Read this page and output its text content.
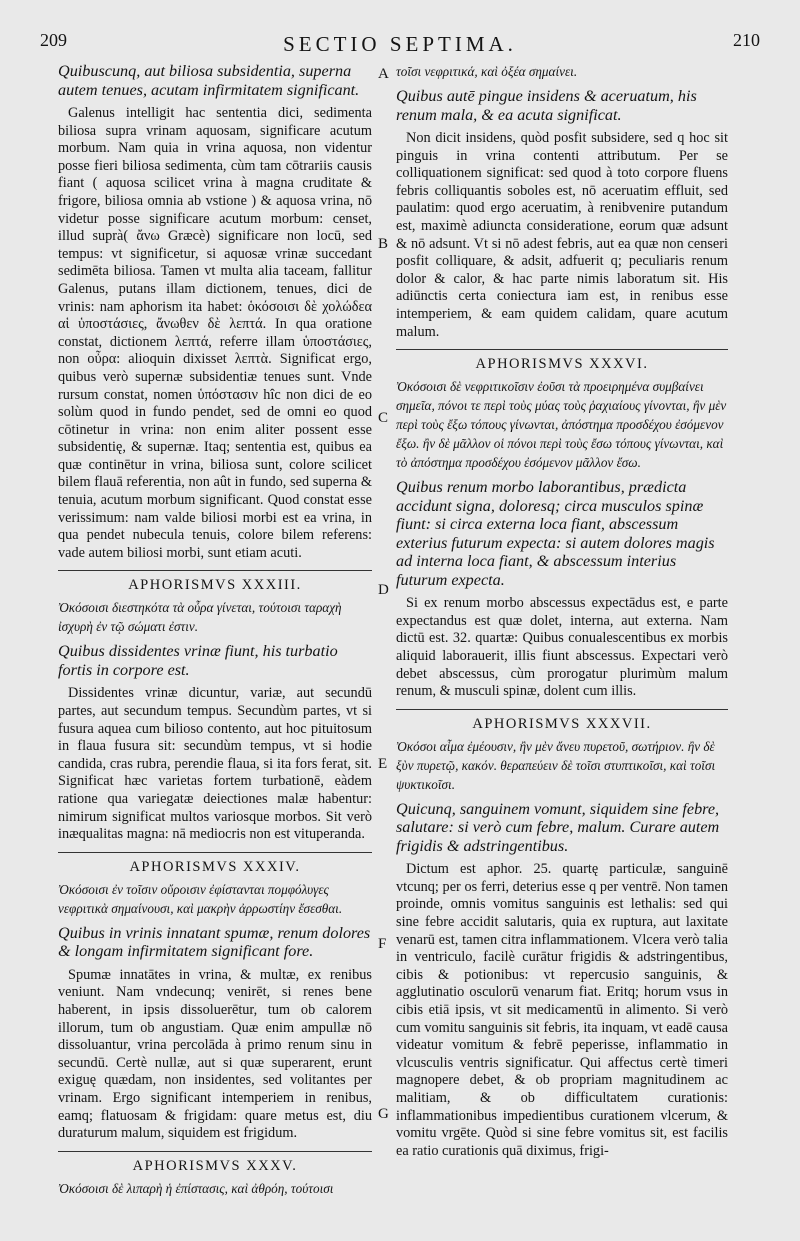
209	SECTIO SEPTIMA.	210
Quibuscunq, aut biliosa subsidentia, superna autem tenues, acutam infirmitatem significant.
Galenus intelligit hac sententia dici, sedimenta biliosa supra vrinam aquosam, significare acutum morbum. Nam quia in vrina aquosa, non videntur posse fieri biliosa sedimenta, cùm tam cōtrariis causis fiant ( aquosa scilicet vrina à magna cruditate & frigore, biliosa omnia ab vstione ) & aquosa vrina, nō videtur posse significare acutum morbum: censet, illud suprà( ἄνω Græcè) significare non locū, sed tempus: vt significetur, si aquosæ vrinæ succedant sedimēta biliosa. Tamen vt multa alia taceam, fallitur Galenus, putans illam dictionem, tenues, dici de vrinis: nam aphorism ita habet: ὁκόσοισι δὲ χολώδεα αἱ ὑποστάσιες, ἄνωθεν δὲ λεπτά. In qua oratione constat, dictionem λεπτά, referre illam ὑποστάσιες, non οὖρα: alioquin dixisset λεπτὰ. Significat ergo, quibus verò supernæ subsidentiæ tenues sunt. Vnde rursum constat, nomen ὑπόστασιν hîc non dici de eo solùm quod in fundo pendet, sed de omni eo quod cōtinetur in vrina: non enim aliter possent esse subsidentię, & supernæ. Itaq; sententia est, quibus ea quæ continētur in vrina, biliosa sunt, colore scilicet bilem flauā referentia, non aût in fundo, sed superna & tenuia, acutum morbum significant. Quod constat esse verissimum: nam valde biliosi morbi est ea vrina, in qua pendet nubecula tenuis, colore bilem referens: vade autem biliosi morbi, sunt etiam acuti.
APHORISMVS XXXIII.
Ὀκόσοισι διεστηκότα τὰ οὖρα γίνεται, τούτοισι ταραχὴ ἰσχυρὴ ἐν τῷ σώματι ἐστιν.
Quibus dissidentes vrinæ fiunt, his turbatio fortis in corpore est.
Dissidentes vrinæ dicuntur, variæ, aut secundū partes, aut secundum tempus. Secundùm partes, vt si fusura aquea cum bilioso contento, aut hoc pituitosum in flaua fusura sit: secundùm tempus, vt si hodie candida, cras rubra, perendie flaua, si ita fors ferat, sit. Significat hæc varietas fortem turbationē, eàdem ratione qua variegatæ deiectiones malæ habentur: nimirum significat multos variosque morbos. Sit verò inæqualitas magna: nā mediocris non est vituperanda.
APHORISMVS XXXIV.
Ὀκόσοισι ἐν τοῖσιν οὔροισιν ἐφίστανται πομφόλυγες νεφριτικὰ σημαίνουσι, καὶ μακρὴν ἀρρωστίην ἔσεσθαι.
Quibus in vrinis innatant spumæ, renum dolores & longam infirmitatem significant fore.
Spumæ innatātes in vrina, & multæ, ex renibus veniunt. Nam vndecunq; venirēt, si renes bene haberent, in ipsis dissoluerētur, tum ob calorem illorum, tum ob angustiam. Quæ enim ampullæ nō dissoluantur, vrina percolāda à primo renum sinu in secundū. Certè nullæ, aut si quæ superarent, erunt exiguę quædam, non insidentes, sed volitantes per vrinam. Ergo significant intemperiem in renibus, eamq; flatuosam & frigidam: quare metus est, diu duraturum malum, siquidem est frigidum.
APHORISMVS XXXV.
Ὀκόσοισι δὲ λιπαρὴ ἡ ἐπίστασις, καὶ ἀθρόη, τούτοισι
A
B
C
D
E
F
G
τοῖσι νεφριτικά, καὶ ὀξέα σημαίνει.
Quibus autē pingue insidens & aceruatum, his renum mala, & ea acuta significat.
Non dicit insidens, quòd posfit subsidere, sed q hoc sit pinguis in vrina contenti attributum. Per se colliquationem significat: sed quod à toto corpore fluens febris colliquantis soboles est, nō aceruatim effluit, sed paulatim: quod ergo aceruatim, à renibvenire putandum est, maximè adiuncta consideratione, eorum quæ adsunt & nō adsunt. Vt si nō adest febris, aut ea quæ non censeri posfit colliquare, & adsit, adfuerit q; peculiaris renum dolor & calor, & hac parte nimis laboratum sit. His adiūnctis certa coniectura iam est, in renibus esse intemperiem, & eam quidem calidam, quare acutum malum.
APHORISMVS XXXVI.
Ὀκόσοισι δὲ νεφριτικοῖσιν ἐοῦσι τὰ προειρημένα συμβαίνει σημεῖα, πόνοι τε περὶ τοὺς μύας τοὺς ῥαχιαίους γίνονται, ἢν μὲν περὶ τοὺς ἔξω τόπους γίνωνται, ἀπόστημα προσδέχου ἐσόμενον ἔξω. ἢν δὲ μᾶλλον οἱ πόνοι περὶ τοὺς ἔσω τόπους γίνωνται, καὶ τὸ ἀπόστημα προσδέχου ἐσόμενον μᾶλλον ἔσω.
Quibus renum morbo laborantibus, prædicta accidunt signa, doloresq; circa musculos spinæ fiunt: si circa externa loca fiant, abscessum exterius futurum expecta: si autem dolores magis ad interna loca fiant, & abscessum interius futurum expecta.
Si ex renum morbo abscessus expectādus est, e parte expectandus est quæ dolet, interna, aut externa. Nam dictū est. 32. quartæ: Quibus conualescentibus ex morbis aliquid laborauerit, illis fiunt abscessus. Expectari verò debet abscessus, cùm prorogatur plurimùm malum renum, & musculi spinæ, dolent cum illis.
APHORISMVS XXXVII.
Ὀκόσοι αἷμα ἐμέουσιν, ἢν μὲν ἄνευ πυρετοῦ, σωτήριον. ἢν δὲ ξὺν πυρετῷ, κακόν. θεραπεύειν δὲ τοῖσι στυπτικοῖσι, καὶ τοῖσι ψυκτικοῖσι.
Quicunq, sanguinem vomunt, siquidem sine febre, salutare: si verò cum febre, malum. Curare autem frigidis & adstringentibus.
Dictum est aphor. 25. quartę particulæ, sanguinē vtcunq; per os ferri, deterius esse q per ventrē. Non tamen proinde, omnis vomitus sanguinis est lethalis: sed qui sine febre accidit salutaris, quia ex ruptura, aut laxitate venarū est, tamen citra inflammationem. Vlcera verò talia in ventriculo, facilè curātur frigidis & adstringentibus, cibis & potionibus: vt repercusio sanguinis, & agglutinatio osculorū venarum fiat. Eritq; horum vsus in cibis etiā ipsis, vt sit medicamentū in alimento. Si verò cum vomitu sanguinis sit febris, ita inquam, vt eadē causa videatur vomitum & febrē peperisse, inflammatio in vlcusculis ventris significatur. Qui affectus certè timeri magnopere debet, & ob propriam magnitudinem ac malitiam, & ob difficultatem curationis: inflammationibus impedientibus curationem vlcerum, & vomitu vrgēte. Quòd si sine febre vomitus sit, est facilis ea ratio curationis quā diximus, frigi-
